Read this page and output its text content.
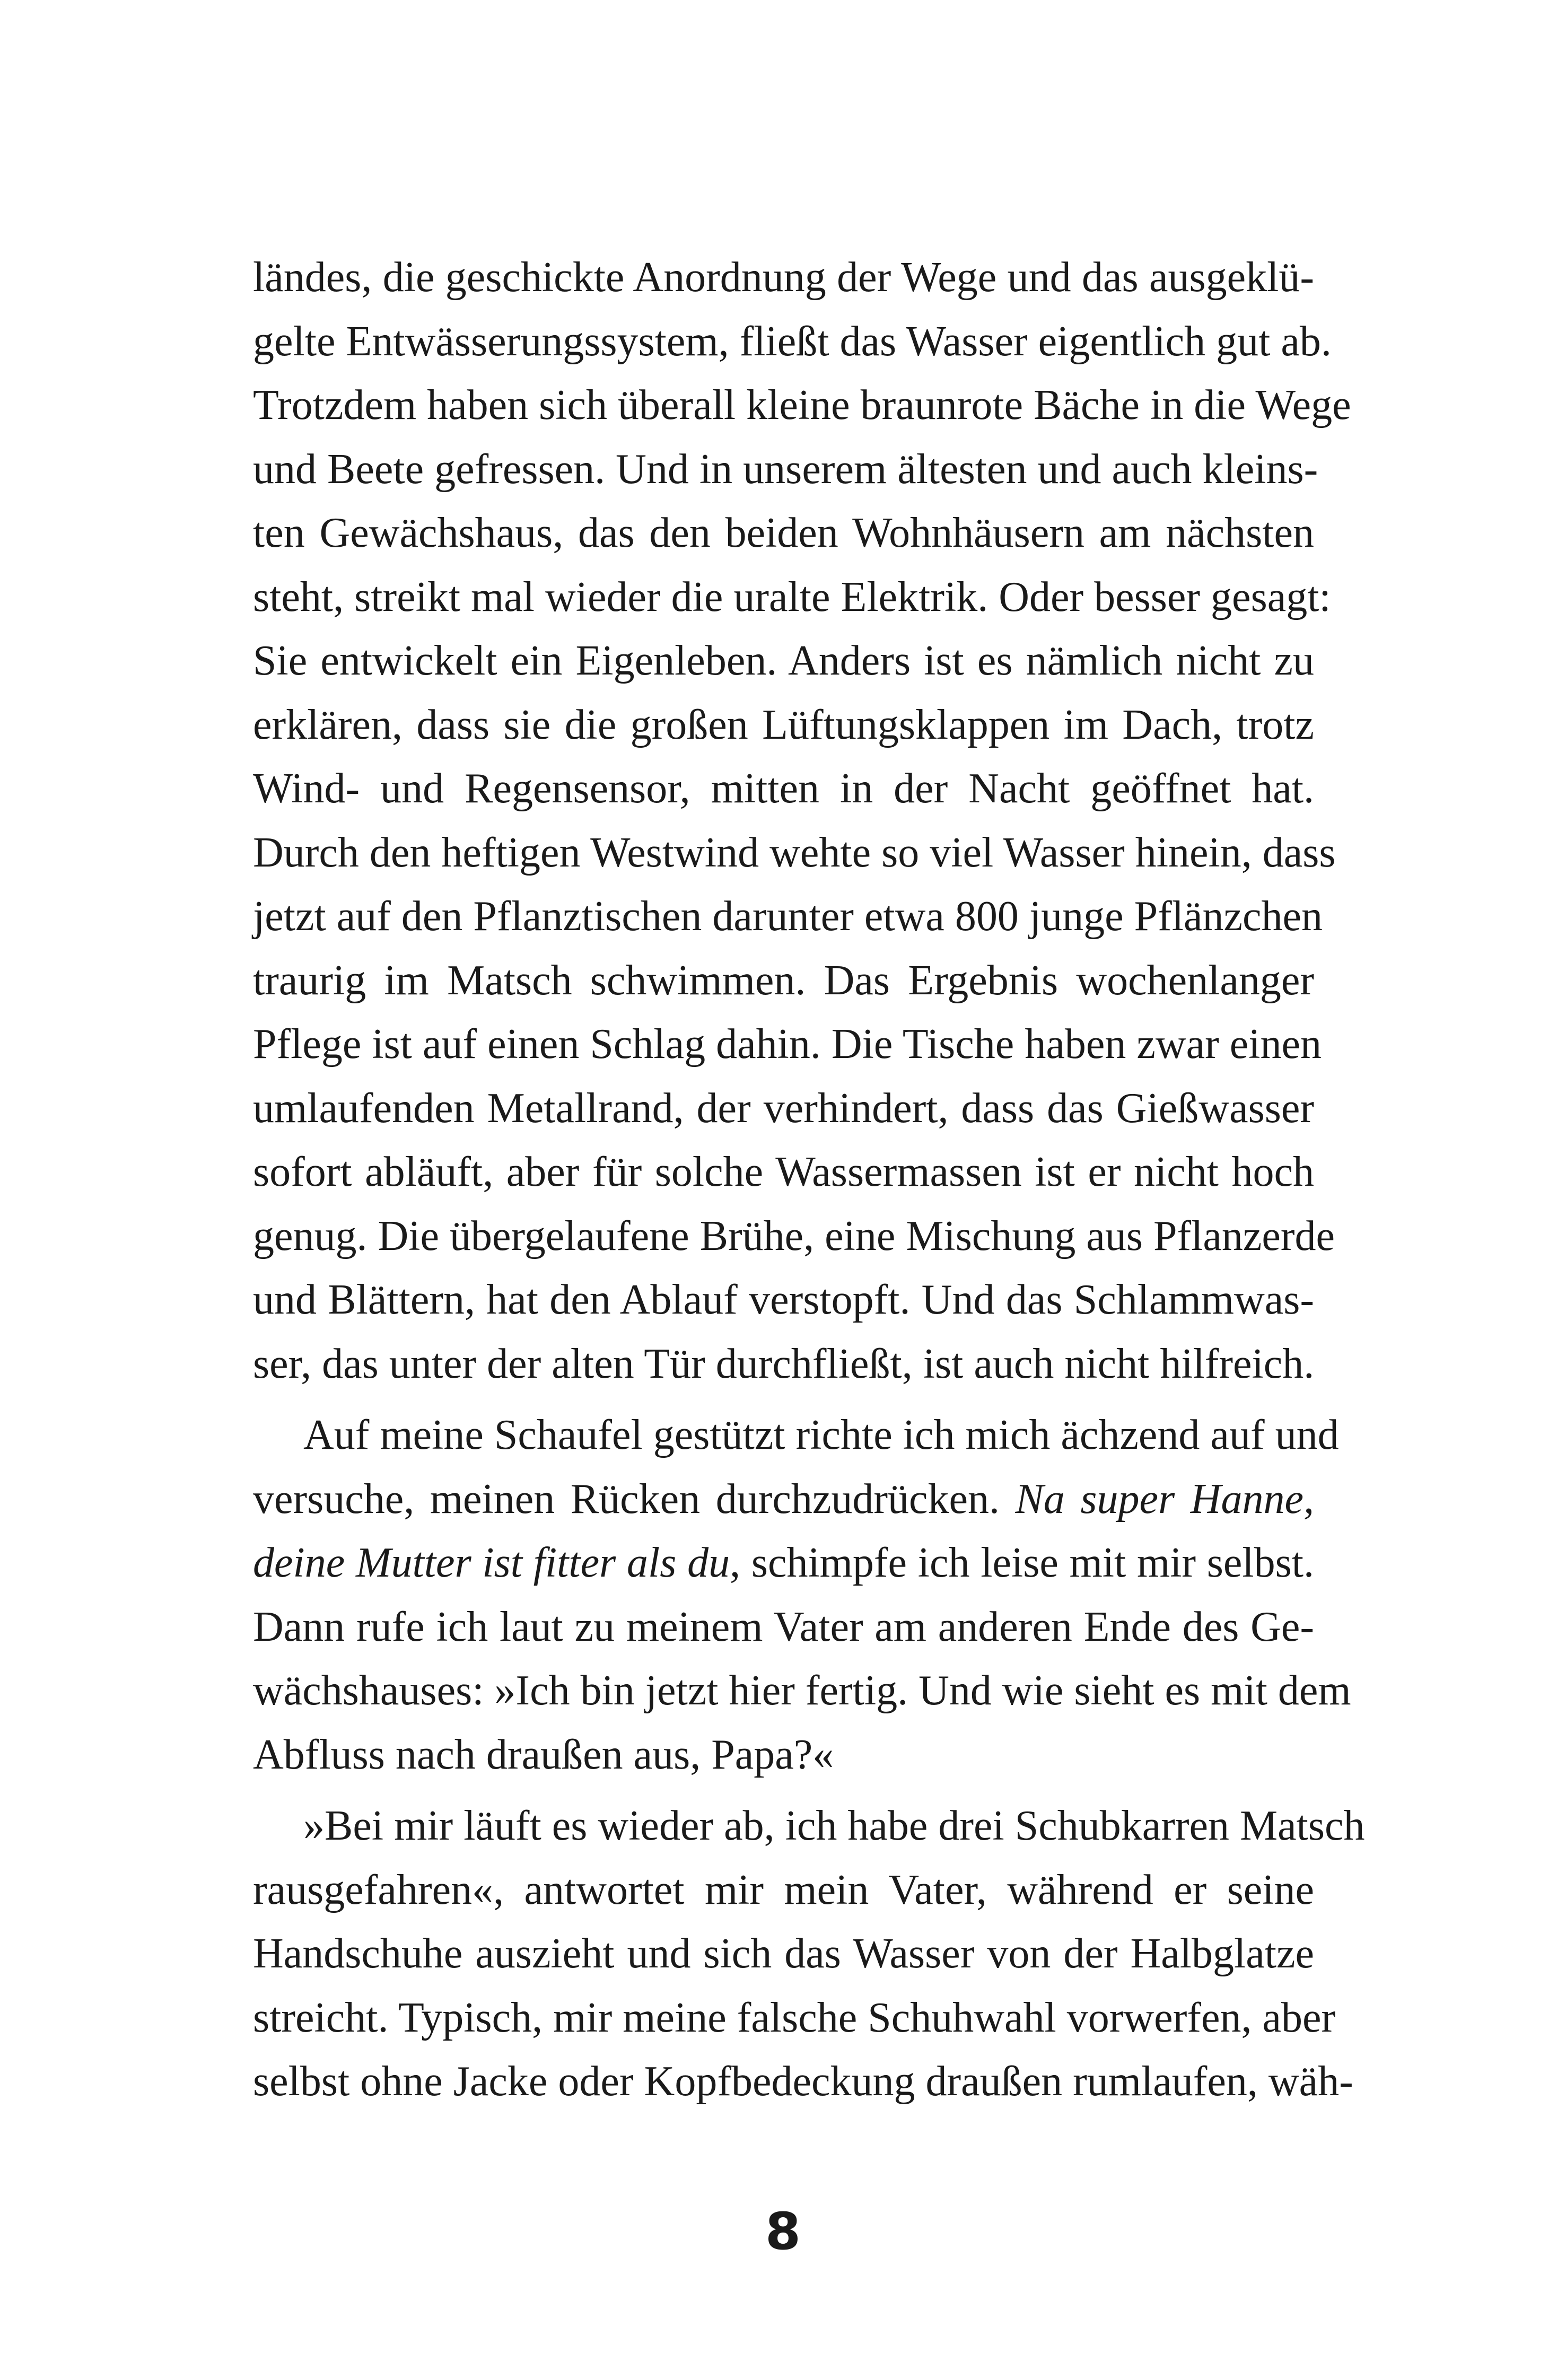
ländes, die geschickte Anordnung der Wege und das ausgeklü-
gelte Entwässerungssystem, fließt das Wasser eigentlich gut ab.
Trotzdem haben sich überall kleine braunrote Bäche in die Wege
und Beete gefressen. Und in unserem ältesten und auch kleins-
ten Gewächshaus, das den beiden Wohnhäusern am nächsten
steht, streikt mal wieder die uralte Elektrik. Oder besser gesagt:
Sie entwickelt ein Eigenleben. Anders ist es nämlich nicht zu
erklären, dass sie die großen Lüftungsklappen im Dach, trotz
Wind- und Regensensor, mitten in der Nacht geöffnet hat.
Durch den heftigen Westwind wehte so viel Wasser hinein, dass
jetzt auf den Pflanztischen darunter etwa 800 junge Pflänzchen
traurig im Matsch schwimmen. Das Ergebnis wochenlanger
Pflege ist auf einen Schlag dahin. Die Tische haben zwar einen
umlaufenden Metallrand, der verhindert, dass das Gießwasser
sofort abläuft, aber für solche Wassermassen ist er nicht hoch
genug. Die übergelaufene Brühe, eine Mischung aus Pflanzerde
und Blättern, hat den Ablauf verstopft. Und das Schlammwas-
ser, das unter der alten Tür durchfließt, ist auch nicht hilfreich.
Auf meine Schaufel gestützt richte ich mich ächzend auf und
versuche, meinen Rücken durchzudrücken. Na super Hanne,
deine Mutter ist fitter als du, schimpfe ich leise mit mir selbst.
Dann rufe ich laut zu meinem Vater am anderen Ende des Ge-
wächshauses: »Ich bin jetzt hier fertig. Und wie sieht es mit dem
Abfluss nach draußen aus, Papa?«
»Bei mir läuft es wieder ab, ich habe drei Schubkarren Matsch
rausgefahren«, antwortet mir mein Vater, während er seine
Handschuhe auszieht und sich das Wasser von der Halbglatze
streicht. Typisch, mir meine falsche Schuhwahl vorwerfen, aber
selbst ohne Jacke oder Kopfbedeckung draußen rumlaufen, wäh-
8
